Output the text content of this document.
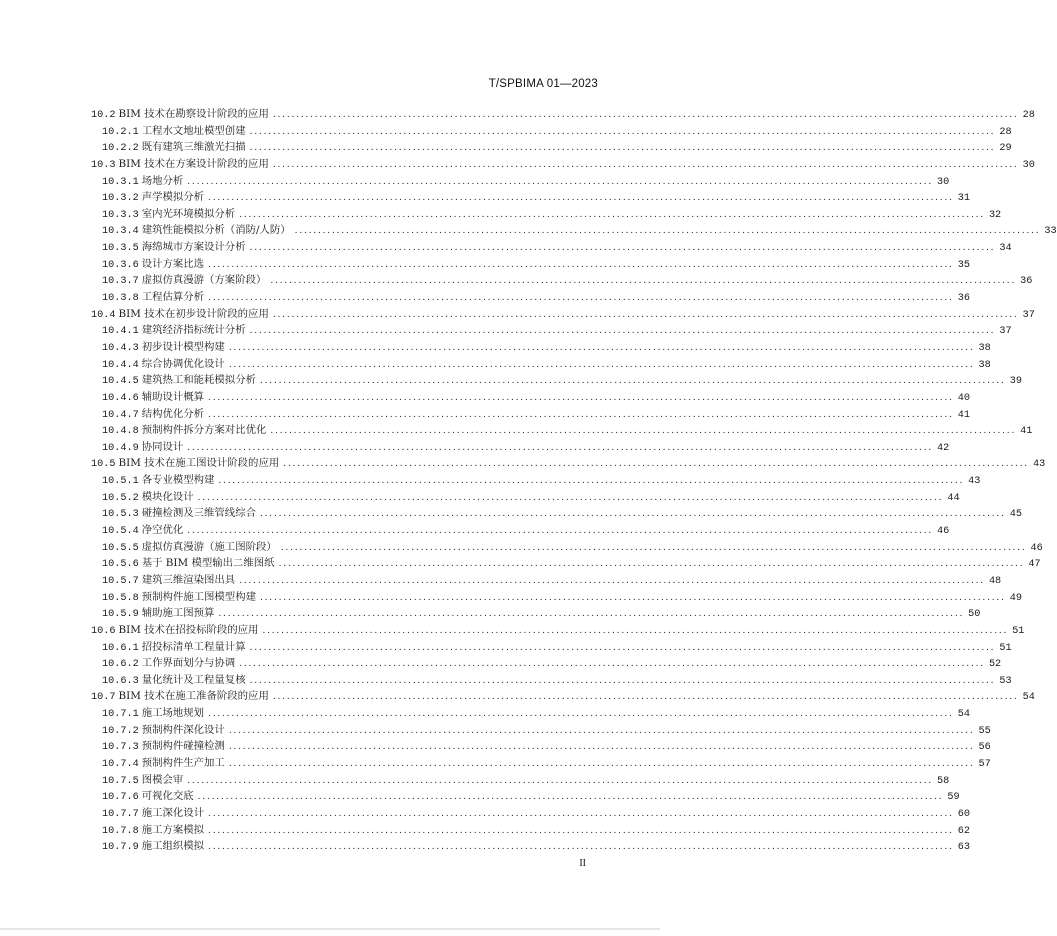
T/SPBIMA 01—2023
10.2 BIM 技术在勘察设计阶段的应用 ................................................................................................................................................................ 28
10.2.1 工程水文地址模型创建 ................................................................................................................................................................ 28
10.2.2 既有建筑三维激光扫描 ................................................................................................................................................................ 29
10.3 BIM 技术在方案设计阶段的应用 ................................................................................................................................................................ 30
10.3.1 场地分析 ................................................................................................................................................................ 30
10.3.2 声学模拟分析 ................................................................................................................................................................ 31
10.3.3 室内光环境模拟分析 ................................................................................................................................................................ 32
10.3.4 建筑性能模拟分析（消防/人防） ................................................................................................................................................................ 33
10.3.5 海绵城市方案设计分析 ................................................................................................................................................................ 34
10.3.6 设计方案比选 ................................................................................................................................................................ 35
10.3.7 虚拟仿真漫游（方案阶段） ................................................................................................................................................................ 36
10.3.8 工程估算分析 ................................................................................................................................................................ 36
10.4 BIM 技术在初步设计阶段的应用 ................................................................................................................................................................ 37
10.4.1 建筑经济指标统计分析 ................................................................................................................................................................ 37
10.4.3 初步设计模型构建 ................................................................................................................................................................ 38
10.4.4 综合协调优化设计 ................................................................................................................................................................ 38
10.4.5 建筑热工和能耗模拟分析 ................................................................................................................................................................ 39
10.4.6 辅助设计概算 ................................................................................................................................................................ 40
10.4.7 结构优化分析 ................................................................................................................................................................ 41
10.4.8 预制构件拆分方案对比优化 ................................................................................................................................................................ 41
10.4.9 协同设计 ................................................................................................................................................................ 42
10.5 BIM 技术在施工图设计阶段的应用 ................................................................................................................................................................ 43
10.5.1 各专业模型构建 ................................................................................................................................................................ 43
10.5.2 模块化设计 ................................................................................................................................................................ 44
10.5.3 碰撞检测及三维管线综合 ................................................................................................................................................................ 45
10.5.4 净空优化 ................................................................................................................................................................ 46
10.5.5 虚拟仿真漫游（施工图阶段） ................................................................................................................................................................ 46
10.5.6 基于 BIM 模型输出二维图纸 ................................................................................................................................................................ 47
10.5.7 建筑三维渲染图出具 ................................................................................................................................................................ 48
10.5.8 预制构件施工图模型构建 ................................................................................................................................................................ 49
10.5.9 辅助施工图预算 ................................................................................................................................................................ 50
10.6 BIM 技术在招投标阶段的应用 ................................................................................................................................................................ 51
10.6.1 招投标清单工程量计算 ................................................................................................................................................................ 51
10.6.2 工作界面划分与协调 ................................................................................................................................................................ 52
10.6.3 量化统计及工程量复核 ................................................................................................................................................................ 53
10.7 BIM 技术在施工准备阶段的应用 ................................................................................................................................................................ 54
10.7.1 施工场地规划 ................................................................................................................................................................ 54
10.7.2 预制构件深化设计 ................................................................................................................................................................ 55
10.7.3 预制构件碰撞检测 ................................................................................................................................................................ 56
10.7.4 预制构件生产加工 ................................................................................................................................................................ 57
10.7.5 图模会审 ................................................................................................................................................................ 58
10.7.6 可视化交底 ................................................................................................................................................................ 59
10.7.7 施工深化设计 ................................................................................................................................................................ 60
10.7.8 施工方案模拟 ................................................................................................................................................................ 62
10.7.9 施工组织模拟 ................................................................................................................................................................ 63
II
